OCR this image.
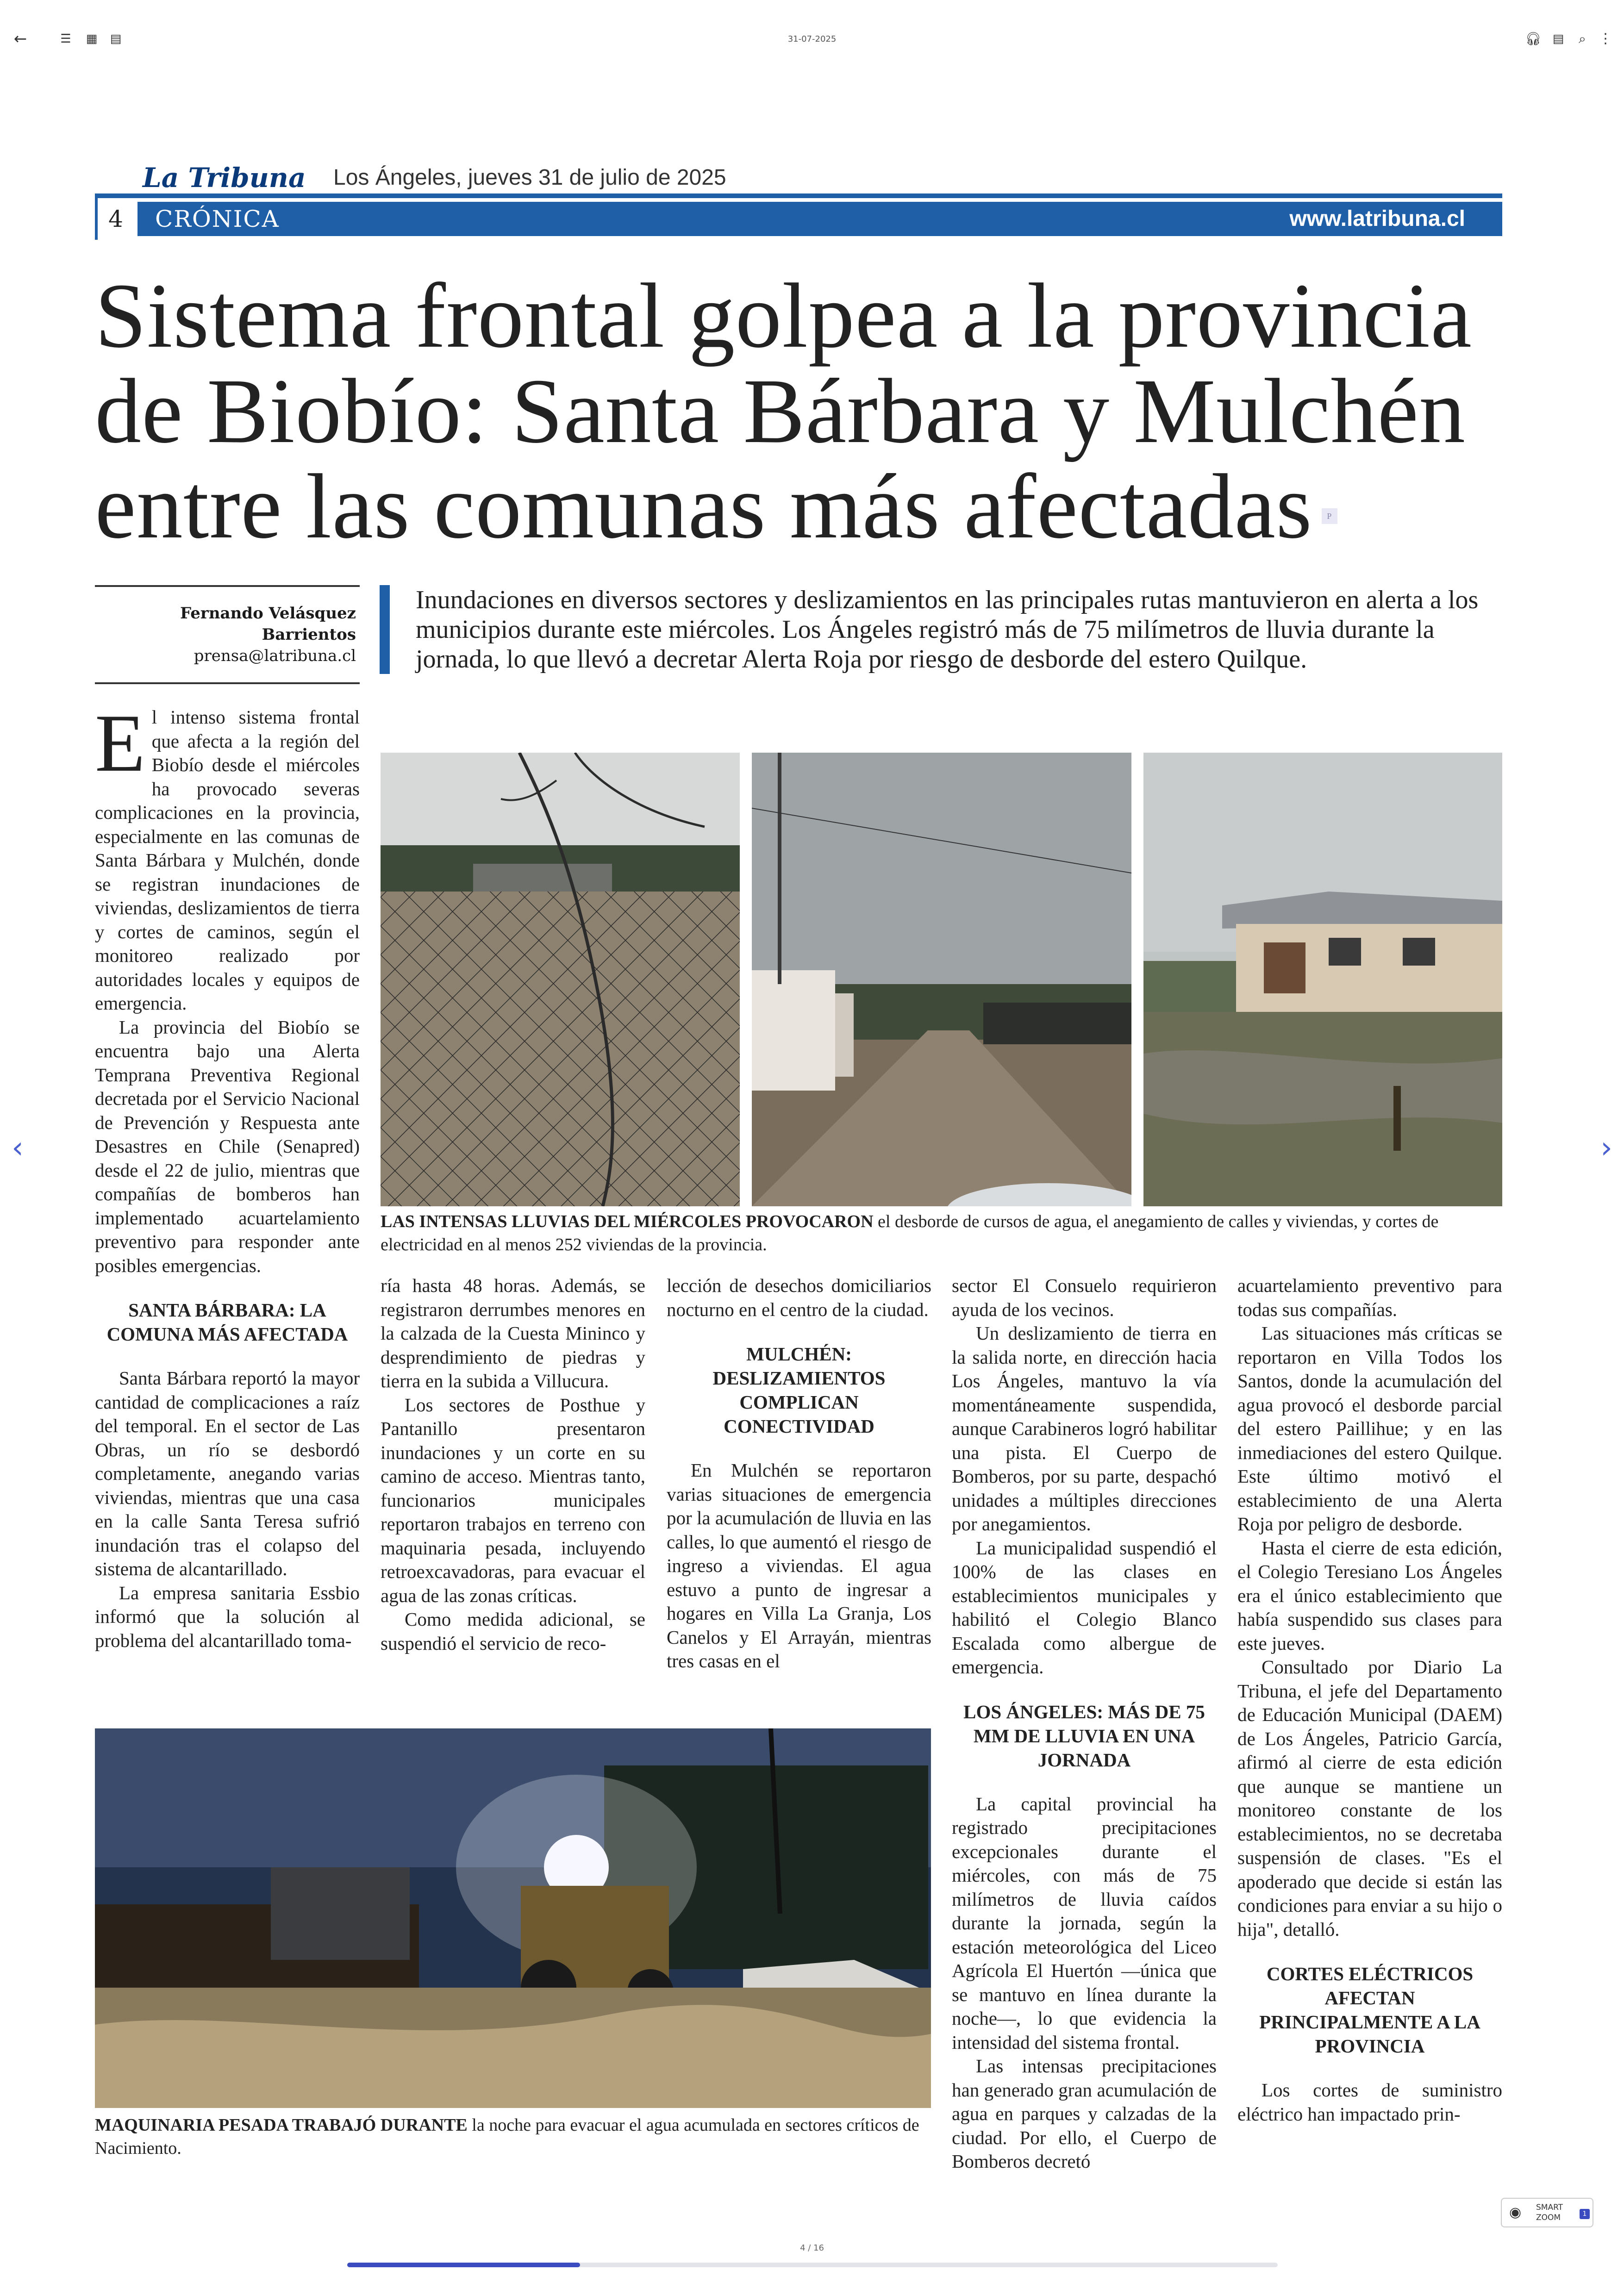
←	☰	▦	▤	31-07-2025	🎧︎ ▤	⌕ ⋮
‹	›
La Tribuna Los Ángeles, jueves 31 de julio de 2025
4	CRÓNICA	www.latribuna.cl
Sistema frontal golpea a la provincia de Biobío: Santa Bárbara y Mulchén entre las comunas más afectadas P
Fernando Velásquez Barrientos
prensa@latribuna.cl
Inundaciones en diversos sectores y deslizamientos en las principales rutas mantuvieron en alerta a los municipios durante este miércoles. Los Ángeles registró más de 75 milímetros de lluvia durante la jornada, lo que llevó a decretar Alerta Roja por riesgo de desborde del estero Quilque.
LAS INTENSAS LLUVIAS DEL MIÉRCOLES PROVOCARON el desborde de cursos de agua, el anegamiento de calles y viviendas, y cortes de electricidad en al menos 252 viviendas de la provincia.

El intenso sistema frontal que afecta a la región del Biobío desde el miércoles ha provocado severas complicaciones en la provincia, especialmente en las comunas de Santa Bárbara y Mulchén, donde se registran inundaciones de viviendas, deslizamientos de tierra y cortes de caminos, según el monitoreo realizado por autoridades locales y equipos de emergencia.

La provincia del Biobío se encuentra bajo una Alerta Temprana Preventiva Regional decretada por el Servicio Nacional de Prevención y Respuesta ante Desastres en Chile (Senapred) desde el 22 de julio, mientras que compañías de bomberos han implementado acuartelamiento preventivo para responder ante posibles emergencias.

SANTA BÁRBARA: LA COMUNA MÁS AFECTADA

Santa Bárbara reportó la mayor cantidad de complicaciones a raíz del temporal. En el sector de Las Obras, un río se desbordó completamente, anegando varias viviendas, mientras que una casa en la calle Santa Teresa sufrió inundación tras el colapso del sistema de alcantarillado.

La empresa sanitaria Essbio informó que la solución al problema del alcantarillado toma-

ría hasta 48 horas. Además, se registraron derrumbes menores en la calzada de la Cuesta Mininco y desprendimiento de piedras y tierra en la subida a Villucura.

Los sectores de Posthue y Pantanillo presentaron inundaciones y un corte en su camino de acceso. Mientras tanto, funcionarios municipales reportaron trabajos en terreno con maquinaria pesada, incluyendo retroexcavadoras, para evacuar el agua de las zonas críticas.

Como medida adicional, se suspendió el servicio de reco-

lección de desechos domiciliarios nocturno en el centro de la ciudad.

MULCHÉN: DESLIZAMIENTOS COMPLICAN CONECTIVIDAD

En Mulchén se reportaron varias situaciones de emergencia por la acumulación de lluvia en las calles, lo que aumentó el riesgo de ingreso a viviendas. El agua estuvo a punto de ingresar a hogares en Villa La Granja, Los Canelos y El Arrayán, mientras tres casas en el

MAQUINARIA PESADA TRABAJÓ DURANTE la noche para evacuar el agua acumulada en sectores críticos de Nacimiento.

sector El Consuelo requirieron ayuda de los vecinos.

Un deslizamiento de tierra en la salida norte, en dirección hacia Los Ángeles, mantuvo la vía momentáneamente suspendida, aunque Carabineros logró habilitar una pista. El Cuerpo de Bomberos, por su parte, despachó unidades a múltiples direcciones por anegamientos.

La municipalidad suspendió el 100% de las clases en establecimientos municipales y habilitó el Colegio Blanco Escalada como albergue de emergencia.

LOS ÁNGELES: MÁS DE 75 MM DE LLUVIA EN UNA JORNADA

La capital provincial ha registrado precipitaciones excepcionales durante el miércoles, con más de 75 milímetros de lluvia caídos durante la jornada, según la estación meteorológica del Liceo Agrícola El Huertón —única que se mantuvo en línea durante la noche—, lo que evidencia la intensidad del sistema frontal.

Las intensas precipitaciones han generado gran acumulación de agua en parques y calzadas de la ciudad. Por ello, el Cuerpo de Bomberos decretó

acuartelamiento preventivo para todas sus compañías.

Las situaciones más críticas se reportaron en Villa Todos los Santos, donde la acumulación del agua provocó el desborde parcial del estero Paillihue; y en las inmediaciones del estero Quilque. Este último motivó el establecimiento de una Alerta Roja por peligro de desborde.

Hasta el cierre de esta edición, el Colegio Teresiano Los Ángeles era el único establecimiento que había suspendido sus clases para este jueves.

Consultado por Diario La Tribuna, el jefe del Departamento de Educación Municipal (DAEM) de Los Ángeles, Patricio García, afirmó al cierre de esta edición que aunque se mantiene un monitoreo constante de los establecimientos, no se decretaba suspensión de clases. "Es el apoderado que decide si están las condiciones para enviar a su hijo o hija", detalló.

CORTES ELÉCTRICOS AFECTAN PRINCIPALMENTE A LA PROVINCIA

Los cortes de suministro eléctrico han impactado prin-

◉ SMART ZOOM	1
4 / 16
